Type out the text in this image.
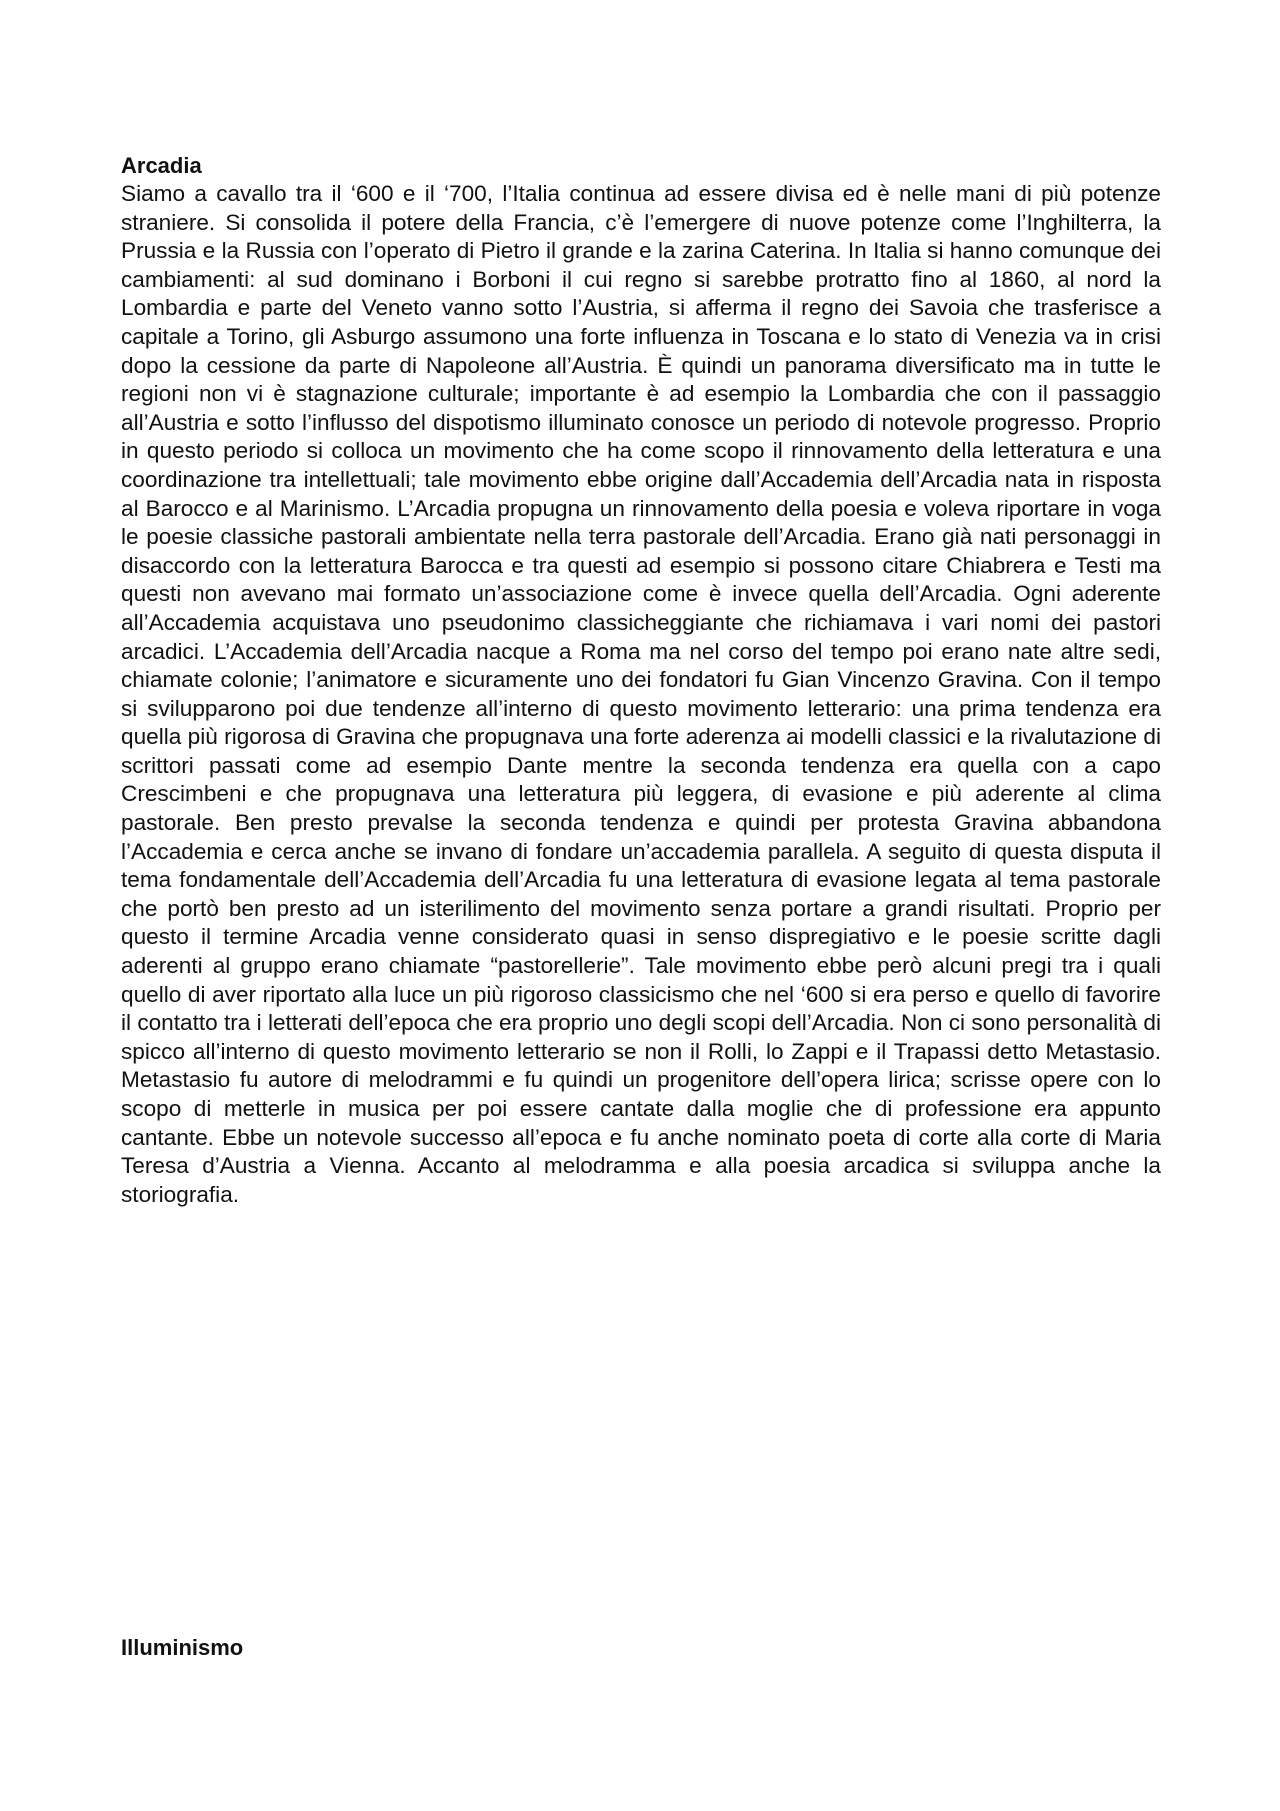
Arcadia

Siamo a cavallo tra il ‘600 e il ‘700, l’Italia continua ad essere divisa ed è nelle mani di più potenze straniere. Si consolida il potere della Francia, c’è l’emergere di nuove potenze come l’Inghilterra, la Prussia e la Russia con l’operato di Pietro il grande e la zarina Caterina. In Italia si hanno comunque dei cambiamenti: al sud dominano i Borboni il cui regno si sarebbe protratto fino al 1860, al nord la Lombardia e parte del Veneto vanno sotto l’Austria, si afferma il regno dei Savoia che trasferisce a capitale a Torino, gli Asburgo assumono una forte influenza in Toscana e lo stato di Venezia va in crisi dopo la cessione da parte di Napoleone all’Austria. È quindi un panorama diversificato ma in tutte le regioni non vi è stagnazione culturale; importante è ad esempio la Lombardia che con il passaggio all’Austria e sotto l’influsso del dispotismo illuminato conosce un periodo di notevole progresso. Proprio in questo periodo si colloca un movimento che ha come scopo il rinnovamento della letteratura e una coordinazione tra intellettuali; tale movimento ebbe origine dall’Accademia dell’Arcadia nata in risposta al Barocco e al Marinismo. L’Arcadia propugna un rinnovamento della poesia e voleva riportare in voga le poesie classiche pastorali ambientate nella terra pastorale dell’Arcadia. Erano già nati personaggi in disaccordo con la letteratura Barocca e tra questi ad esempio si possono citare Chiabrera e Testi ma questi non avevano mai formato un’associazione come è invece quella dell’Arcadia. Ogni aderente all’Accademia acquistava uno pseudonimo classicheggiante che richiamava i vari nomi dei pastori arcadici. L’Accademia dell’Arcadia nacque a Roma ma nel corso del tempo poi erano nate altre sedi, chiamate colonie; l’animatore e sicuramente uno dei fondatori fu Gian Vincenzo Gravina. Con il tempo si svilupparono poi due tendenze all’interno di questo movimento letterario: una prima tendenza era quella più rigorosa di Gravina che propugnava una forte aderenza ai modelli classici e la rivalutazione di scrittori passati come ad esempio Dante mentre la seconda tendenza era quella con a capo Crescimbeni e che propugnava una letteratura più leggera, di evasione e più aderente al clima pastorale. Ben presto prevalse la seconda tendenza e quindi per protesta Gravina abbandona l’Accademia e cerca anche se invano di fondare un’accademia parallela. A seguito di questa disputa il tema fondamentale dell’Accademia dell’Arcadia fu una letteratura di evasione legata al tema pastorale che portò ben presto ad un isterilimento del movimento senza portare a grandi risultati. Proprio per questo il termine Arcadia venne considerato quasi in senso dispregiativo e le poesie scritte dagli aderenti al gruppo erano chiamate “pastorellerie”. Tale movimento ebbe però alcuni pregi tra i quali quello di aver riportato alla luce un più rigoroso classicismo che nel ‘600 si era perso e quello di favorire il contatto tra i letterati dell’epoca che era proprio uno degli scopi dell’Arcadia. Non ci sono personalità di spicco all’interno di questo movimento letterario se non il Rolli, lo Zappi e il Trapassi detto Metastasio. Metastasio fu autore di melodrammi e fu quindi un progenitore dell’opera lirica; scrisse opere con lo scopo di metterle in musica per poi essere cantate dalla moglie che di professione era appunto cantante. Ebbe un notevole successo all’epoca e fu anche nominato poeta di corte alla corte di Maria Teresa d’Austria a Vienna. Accanto al melodramma e alla poesia arcadica si sviluppa anche la storiografia.

Illuminismo
